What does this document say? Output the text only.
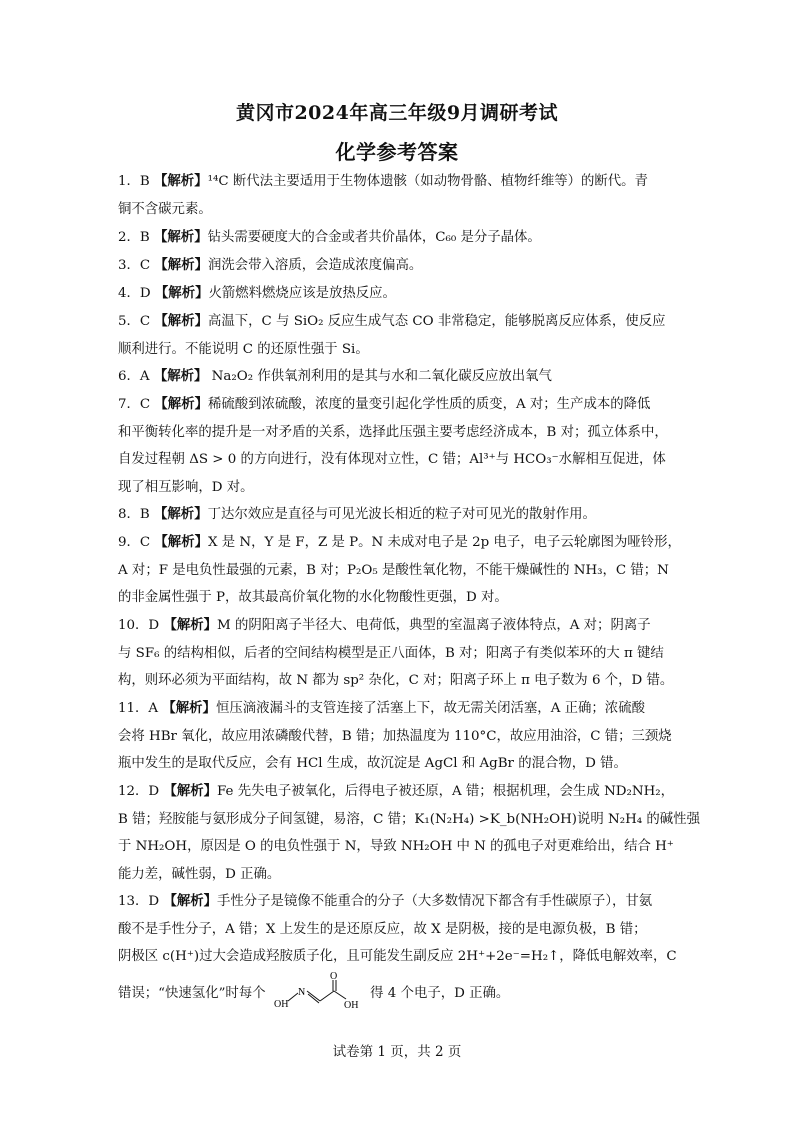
黄冈市2024年高三年级9月调研考试
化学参考答案
1．B 【解析】¹⁴C 断代法主要适用于生物体遗骸（如动物骨骼、植物纤维等）的断代。青
铜不含碳元素。
2．B 【解析】钻头需要硬度大的合金或者共价晶体，C₆₀ 是分子晶体。
3．C 【解析】润洗会带入溶质，会造成浓度偏高。
4．D 【解析】火箭燃料燃烧应该是放热反应。
5．C 【解析】高温下，C 与 SiO₂ 反应生成气态 CO 非常稳定，能够脱离反应体系，使反应
顺利进行。不能说明 C 的还原性强于 Si。
6．A 【解析】 Na₂O₂ 作供氧剂利用的是其与水和二氧化碳反应放出氧气
7．C 【解析】稀硫酸到浓硫酸，浓度的量变引起化学性质的质变，A 对；生产成本的降低
和平衡转化率的提升是一对矛盾的关系，选择此压强主要考虑经济成本，B 对；孤立体系中，
自发过程朝 ΔS > 0 的方向进行，没有体现对立性，C 错；Al³⁺与 HCO₃⁻水解相互促进，体
现了相互影响，D 对。
8．B 【解析】丁达尔效应是直径与可见光波长相近的粒子对可见光的散射作用。
9．C 【解析】X 是 N，Y 是 F，Z 是 P。N 未成对电子是 2p 电子，电子云轮廓图为哑铃形，
A 对；F 是电负性最强的元素，B 对；P₂O₅ 是酸性氧化物，不能干燥碱性的 NH₃，C 错；N
的非金属性强于 P，故其最高价氧化物的水化物酸性更强，D 对。
10．D 【解析】M 的阴阳离子半径大、电荷低，典型的室温离子液体特点，A 对；阴离子
与 SF₆ 的结构相似，后者的空间结构模型是正八面体，B 对；阳离子有类似苯环的大 π 键结
构，则环必须为平面结构，故 N 都为 sp² 杂化，C 对；阳离子环上 π 电子数为 6 个，D 错。
11．A 【解析】恒压滴液漏斗的支管连接了活塞上下，故无需关闭活塞，A 正确；浓硫酸
会将 HBr 氧化，故应用浓磷酸代替，B 错；加热温度为 110°C，故应用油浴，C 错；三颈烧
瓶中发生的是取代反应，会有 HCl 生成，故沉淀是 AgCl 和 AgBr 的混合物，D 错。
12．D 【解析】Fe 先失电子被氧化，后得电子被还原，A 错；根据机理，会生成 ND₂NH₂，
B 错；羟胺能与氨形成分子间氢键，易溶，C 错；K₁(N₂H₄) >K_b(NH₂OH)说明 N₂H₄ 的碱性强
于 NH₂OH，原因是 O 的电负性强于 N，导致 NH₂OH 中 N 的孤电子对更难给出，结合 H⁺
能力差，碱性弱，D 正确。
13．D 【解析】手性分子是镜像不能重合的分子（大多数情况下都含有手性碳原子），甘氨
酸不是手性分子，A 错；X 上发生的是还原反应，故 X 是阴极，接的是电源负极，B 错；
阴极区 c(H⁺)过大会造成羟胺质子化，且可能发生副反应 2H⁺+2e⁻=H₂↑，降低电解效率，C
错误；“快速氢化”时每个
OH
N
O
OH
得 4 个电子，D 正确。
试卷第 1 页，共 2 页
